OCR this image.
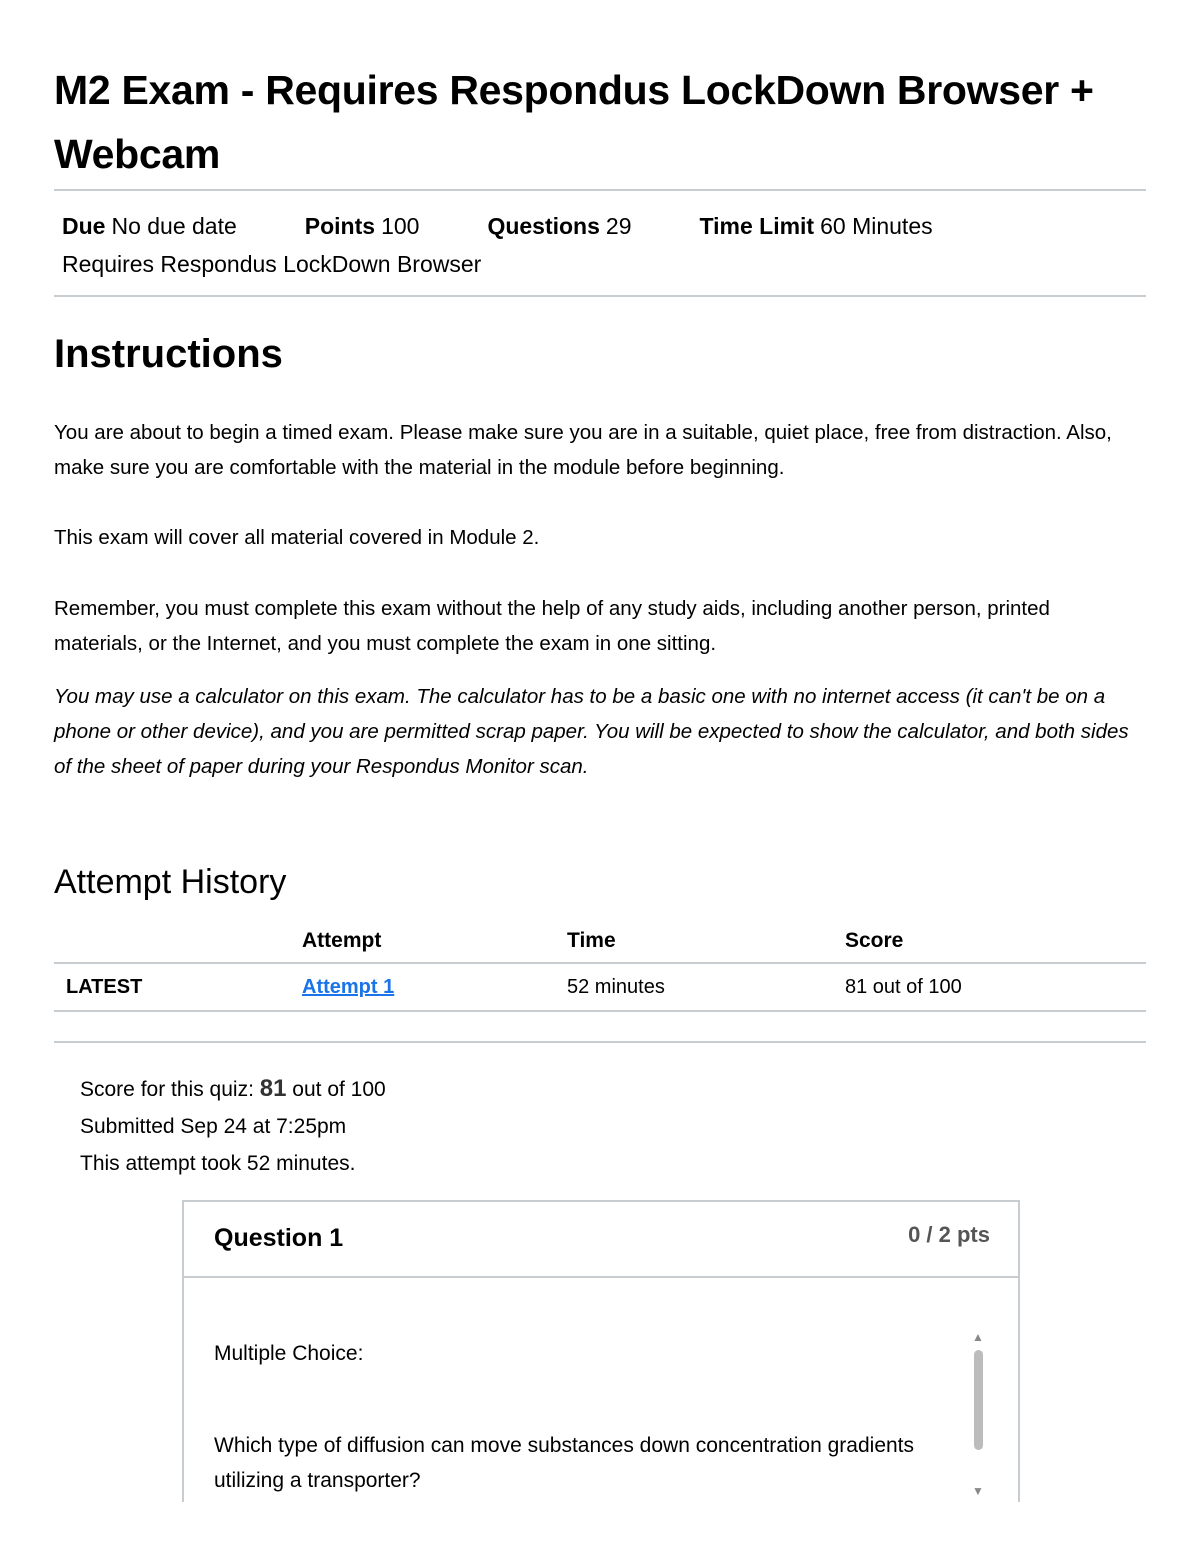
M2 Exam - Requires Respondus LockDown Browser + Webcam
Due No due date	Points 100	Questions 29	Time Limit 60 Minutes
Requires Respondus LockDown Browser
Instructions

You are about to begin a timed exam. Please make sure you are in a suitable, quiet place, free from distraction. Also, make sure you are comfortable with the material in the module before beginning.

This exam will cover all material covered in Module 2.

Remember, you must complete this exam without the help of any study aids, including another person, printed materials, or the Internet, and you must complete the exam in one sitting.

You may use a calculator on this exam. The calculator has to be a basic one with no internet access (it can't be on a phone or other device), and you are permitted scrap paper. You will be expected to show the calculator, and both sides of the sheet of paper during your Respondus Monitor scan.

Attempt History
	Attempt	Time	Score
LATEST	Attempt 1	52 minutes	81 out of 100
Score for this quiz: 81 out of 100
Submitted Sep 24 at 7:25pm
This attempt took 52 minutes.
Question 1	0 / 2 pts
Multiple Choice:
Which type of diffusion can move substances down concentration gradients utilizing a transporter?
▲
▼
